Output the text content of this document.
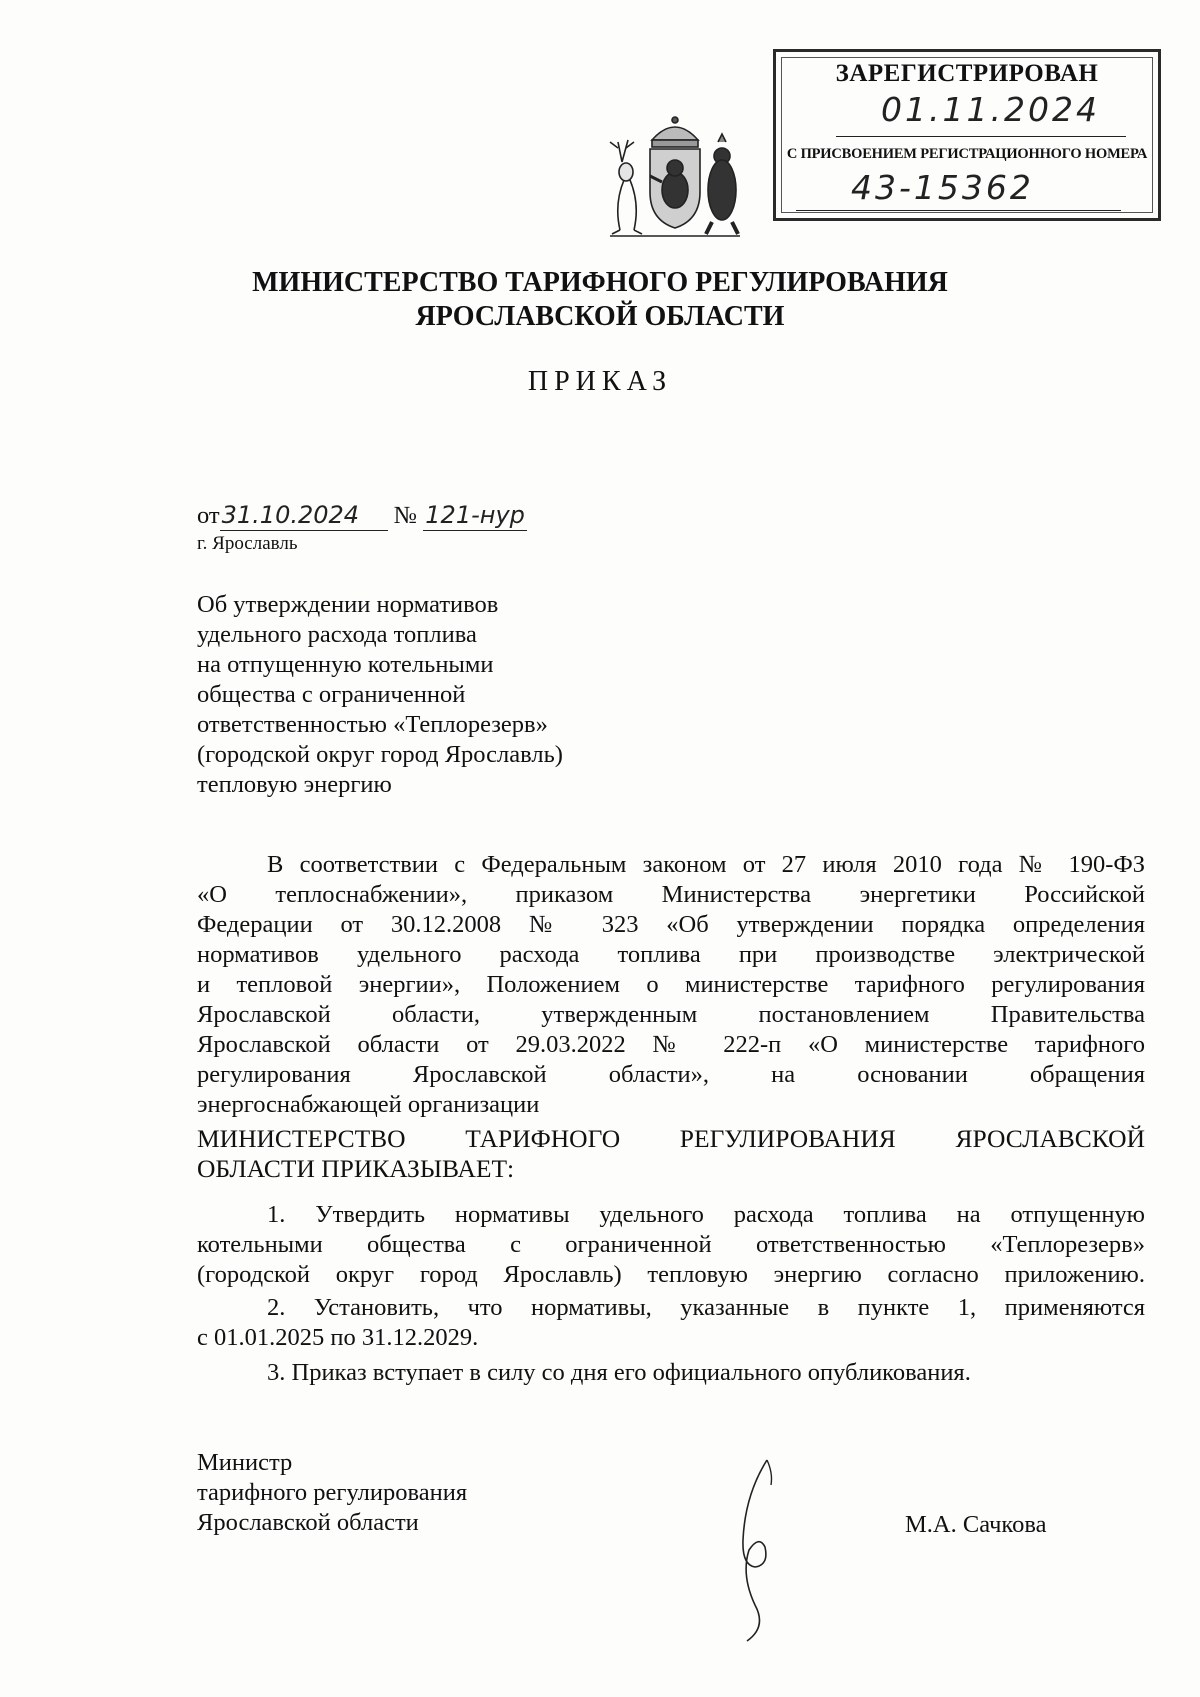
ЗАРЕГИСТРИРОВАН
01.11.2024
С ПРИСВОЕНИЕМ РЕГИСТРАЦИОННОГО НОМЕРА
43-15362
МИНИСТЕРСТВО ТАРИФНОГО РЕГУЛИРОВАНИЯ
ЯРОСЛАВСКОЙ ОБЛАСТИ
ПРИКАЗ
от31.10.2024 № 121-нур
г. Ярославль
Об утверждении нормативов
удельного расхода топлива
на отпущенную котельными
общества с ограниченной
ответственностью «Теплорезерв»
(городской округ город Ярославль)
тепловую энергию
В соответствии с Федеральным законом от 27 июля 2010 года № 190-ФЗ
«О теплоснабжении», приказом Министерства энергетики Российской
Федерации от 30.12.2008 № 323 «Об утверждении порядка определения
нормативов удельного расхода топлива при производстве электрической
и тепловой энергии», Положением о министерстве тарифного регулирования
Ярославской области, утвержденным постановлением Правительства
Ярославской области от 29.03.2022 № 222-п «О министерстве тарифного
регулирования Ярославской области», на основании обращения
энергоснабжающей организации
МИНИСТЕРСТВО ТАРИФНОГО РЕГУЛИРОВАНИЯ ЯРОСЛАВСКОЙ
ОБЛАСТИ ПРИКАЗЫВАЕТ:
1. Утвердить нормативы удельного расхода топлива на отпущенную
котельными общества с ограниченной ответственностью «Теплорезерв»
(городской округ город Ярославль) тепловую энергию согласно приложению.
2. Установить, что нормативы, указанные в пункте 1, применяются
с 01.01.2025 по 31.12.2029.
3. Приказ вступает в силу со дня его официального опубликования.
Министр
тарифного регулирования
Ярославской области	М.А. Сачкова
